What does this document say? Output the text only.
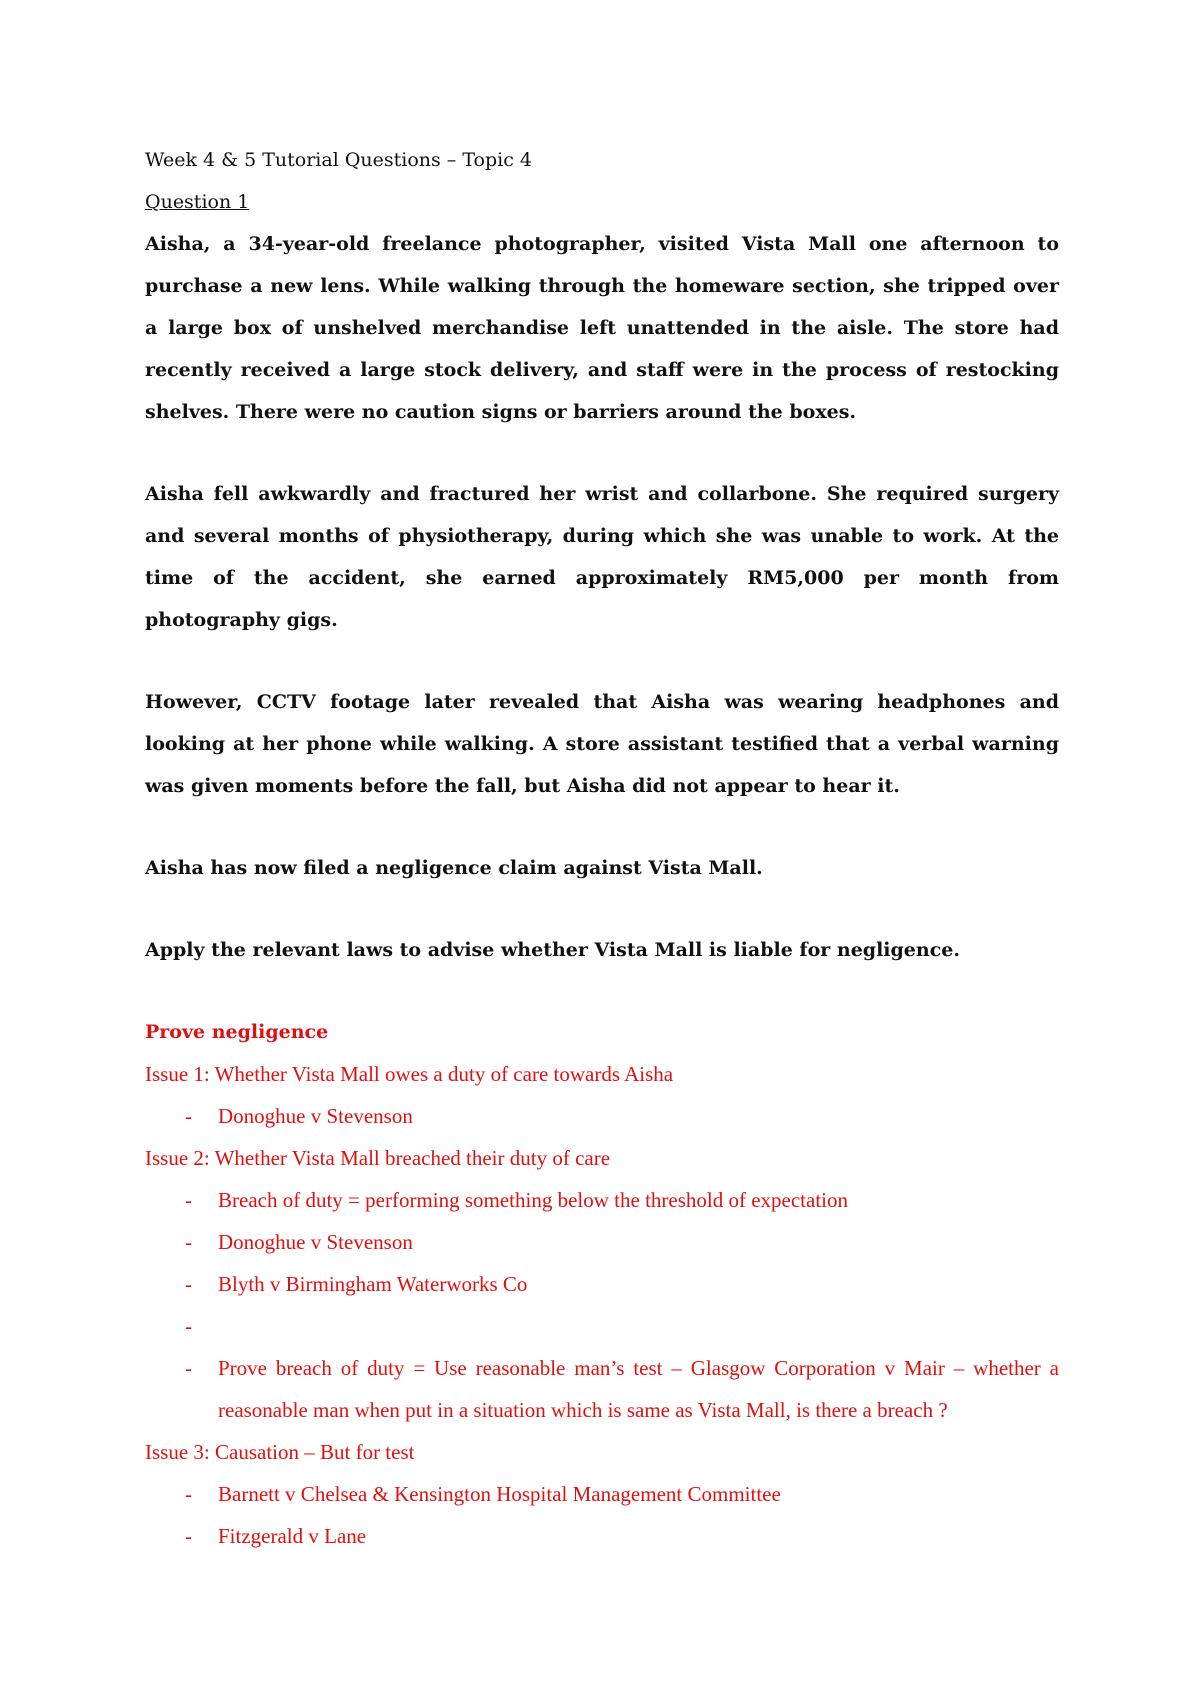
Week 4 & 5 Tutorial Questions – Topic 4
Question 1

Aisha, a 34-year-old freelance photographer, visited Vista Mall one afternoon to purchase a new lens. While walking through the homeware section, she tripped over a large box of unshelved merchandise left unattended in the aisle. The store had recently received a large stock delivery, and staff were in the process of restocking shelves. There were no caution signs or barriers around the boxes.

Aisha fell awkwardly and fractured her wrist and collarbone. She required surgery and several months of physiotherapy, during which she was unable to work. At the time of the accident, she earned approximately RM5,000 per month from photography gigs.

However, CCTV footage later revealed that Aisha was wearing headphones and looking at her phone while walking. A store assistant testified that a verbal warning was given moments before the fall, but Aisha did not appear to hear it.

Aisha has now filed a negligence claim against Vista Mall.

Apply the relevant laws to advise whether Vista Mall is liable for negligence.

Prove negligence
Issue 1: Whether Vista Mall owes a duty of care towards Aisha
- Donoghue v Stevenson
Issue 2: Whether Vista Mall breached their duty of care
- Breach of duty = performing something below the threshold of expectation
- Donoghue v Stevenson
- Blyth v Birmingham Waterworks Co
-
- Prove breach of duty = Use reasonable man’s test – Glasgow Corporation v Mair – whether a reasonable man when put in a situation which is same as Vista Mall, is there a breach ?
Issue 3: Causation – But for test
- Barnett v Chelsea & Kensington Hospital Management Committee
- Fitzgerald v Lane
